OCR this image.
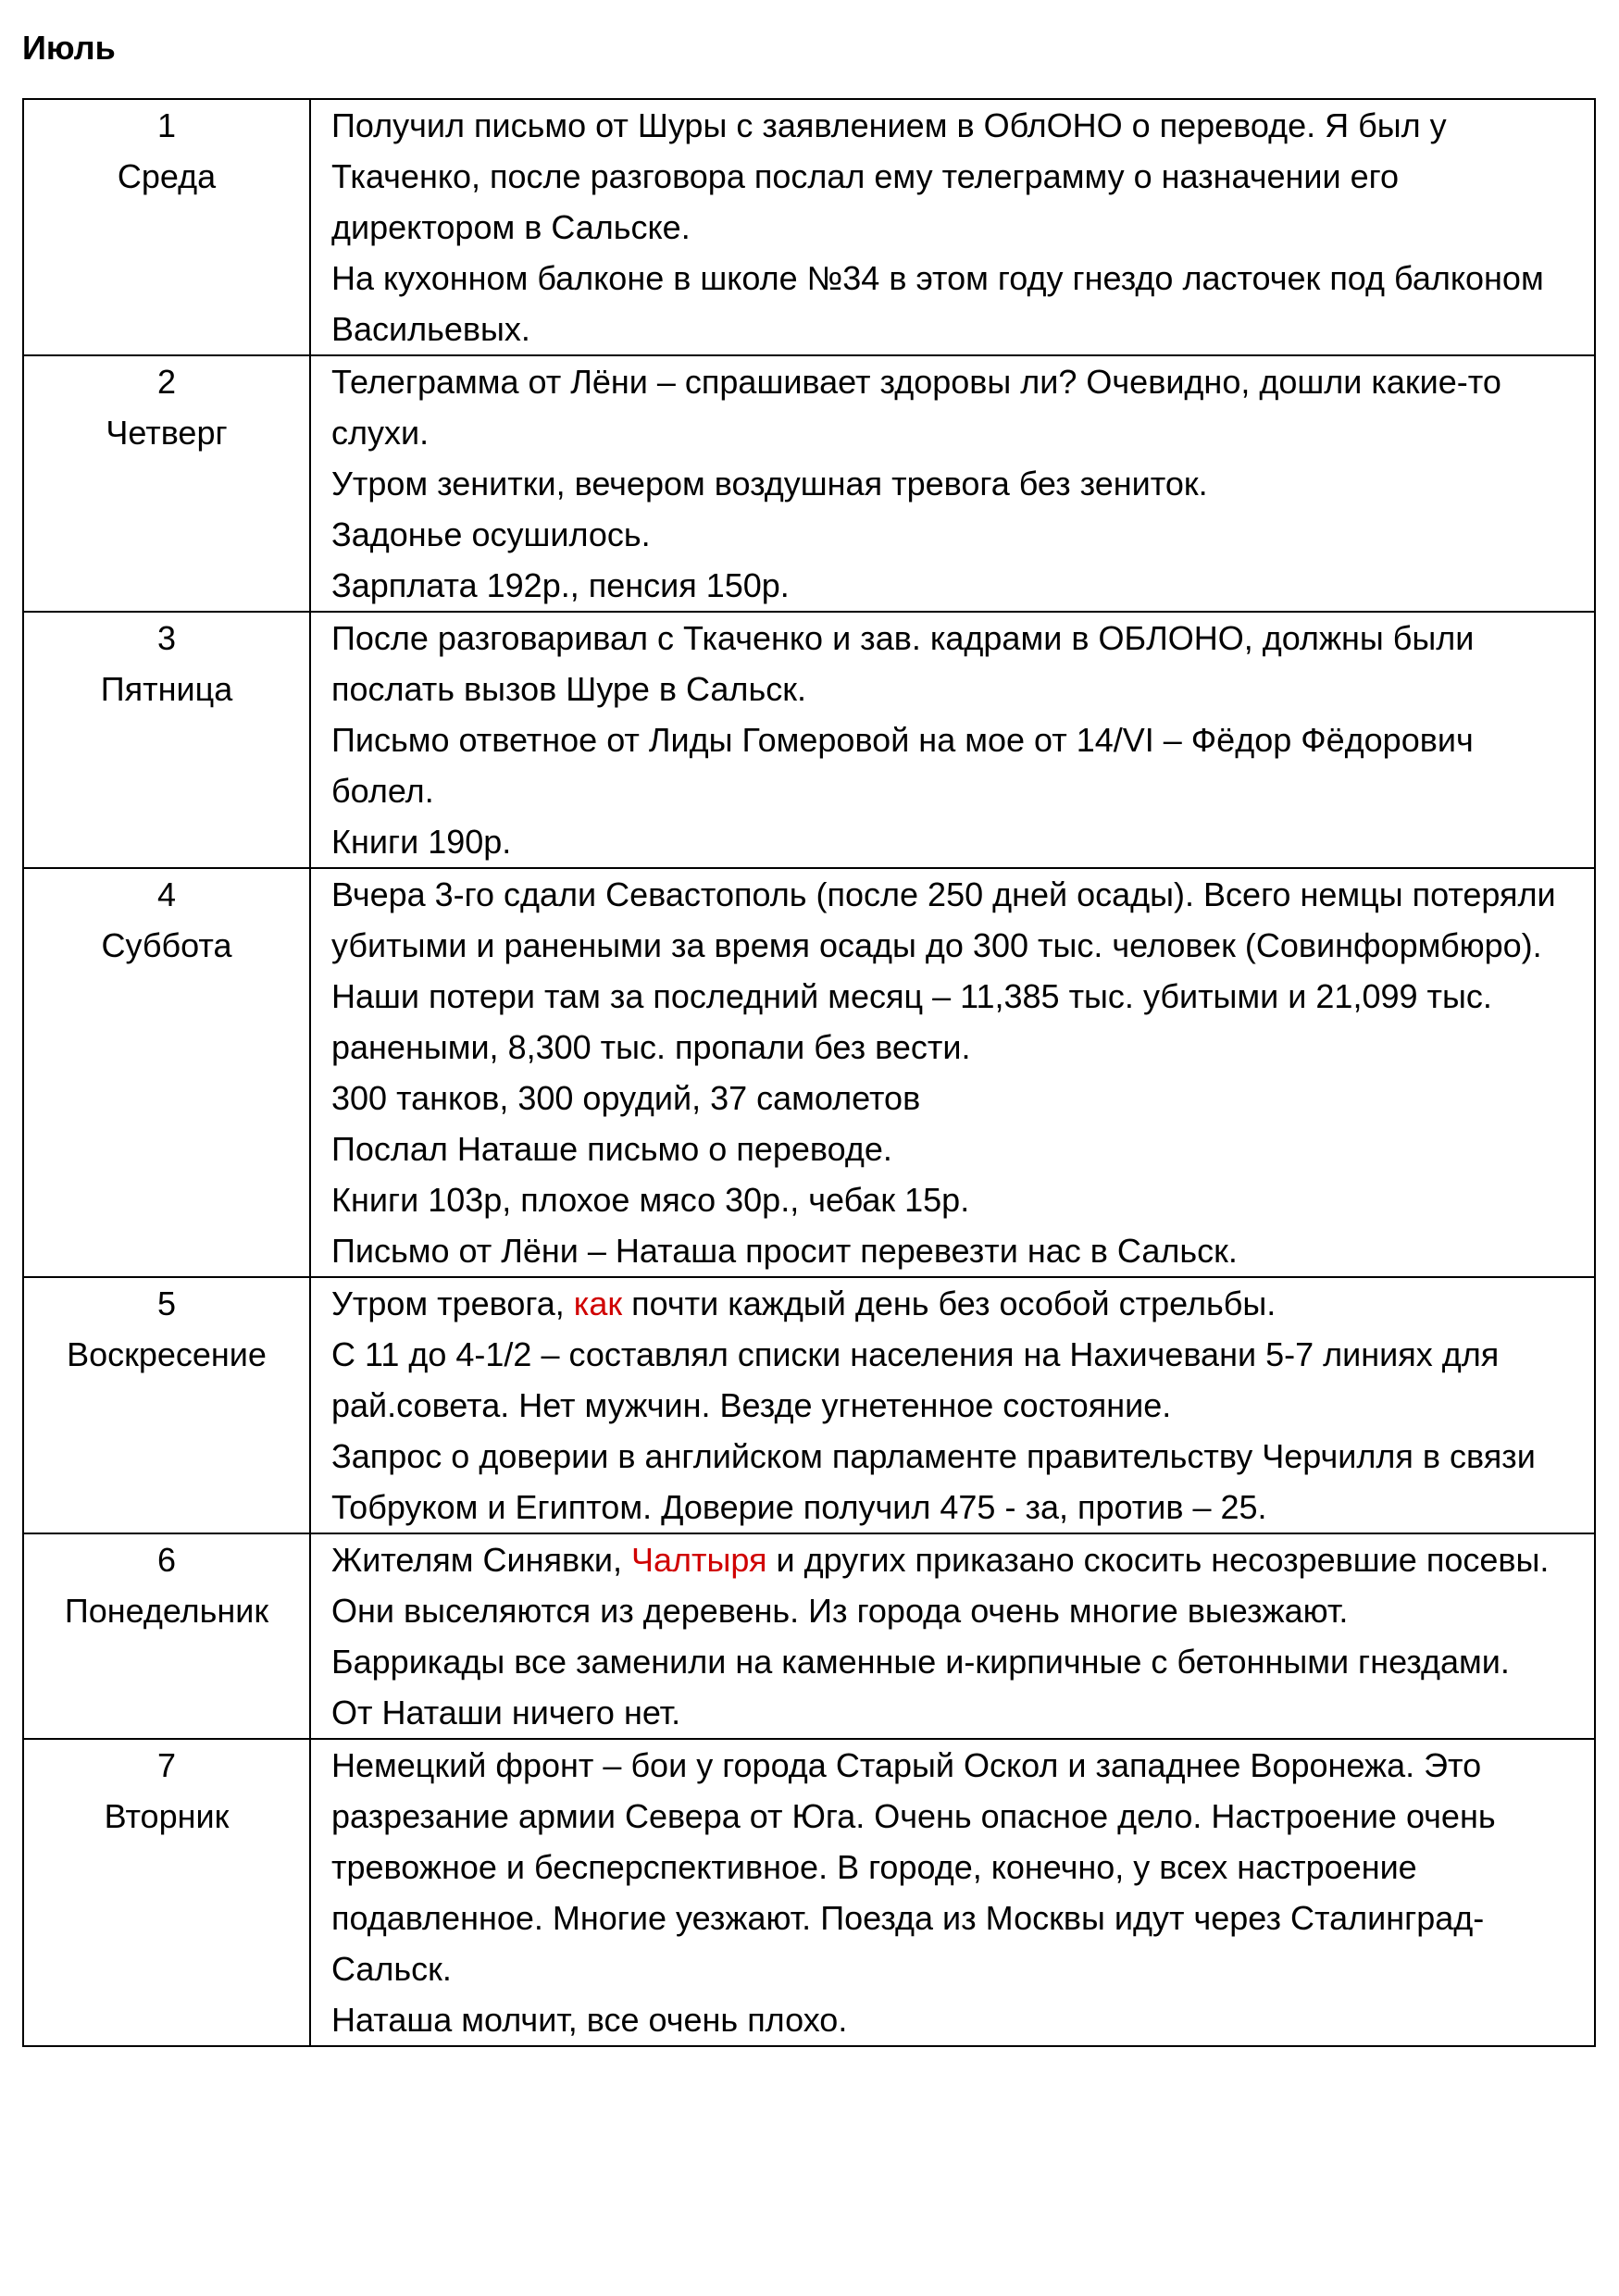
Июль
1
Среда	Получил письмо от Шуры с заявлением в ОблОНО о переводе. Я был у Ткаченко, после разговора послал ему телеграмму о назначении его директором в Сальске.
На кухонном балконе в школе №34 в этом году гнездо ласточек под балконом Васильевых.

2
Четверг	Телеграмма от Лёни – спрашивает здоровы ли? Очевидно, дошли какие-то слухи.
Утром зенитки, вечером воздушная тревога без зениток.
Задонье осушилось.
Зарплата 192р., пенсия 150р.

3
Пятница	После разговаривал с Ткаченко и зав. кадрами в ОБЛОНО, должны были послать вызов Шуре в Сальск.
Письмо ответное от Лиды Гомеровой на мое от 14/VI – Фёдор Фёдорович болел.
Книги 190р.

4
Суббота	Вчера 3-го сдали Севастополь (после 250 дней осады). Всего немцы потеряли убитыми и ранеными за время осады до 300 тыс. человек (Совинформбюро). Наши потери там за последний месяц – 11,385 тыс. убитыми и 21,099 тыс. ранеными, 8,300 тыс. пропали без вести.
300 танков, 300 орудий, 37 самолетов
Послал Наташе письмо о переводе.
Книги 103р, плохое мясо 30р., чебак 15р.
Письмо от Лёни – Наташа просит перевезти нас в Сальск.

5
Воскресение	Утром тревога, как почти каждый день без особой стрельбы.
С 11 до 4-1/2 – составлял списки населения на Нахичевани 5-7 линиях для рай.совета. Нет мужчин. Везде угнетенное состояние.
Запрос о доверии в английском парламенте правительству Черчилля в связи Тобруком и Египтом. Доверие получил 475 - за, против – 25.

6
Понедельник	Жителям Синявки, Чалтыря и других приказано скосить несозревшие посевы. Они выселяются из деревень. Из города очень многие выезжают.
Баррикады все заменили на каменные и-кирпичные с бетонными гнездами.
От Наташи ничего нет.

7
Вторник	Немецкий фронт – бои у города Старый Оскол и западнее Воронежа. Это разрезание армии Севера от Юга. Очень опасное дело. Настроение очень тревожное и бесперспективное. В городе, конечно, у всех настроение подавленное. Многие уезжают. Поезда из Москвы идут через Сталинград-Сальск.
Наташа молчит, все очень плохо.
